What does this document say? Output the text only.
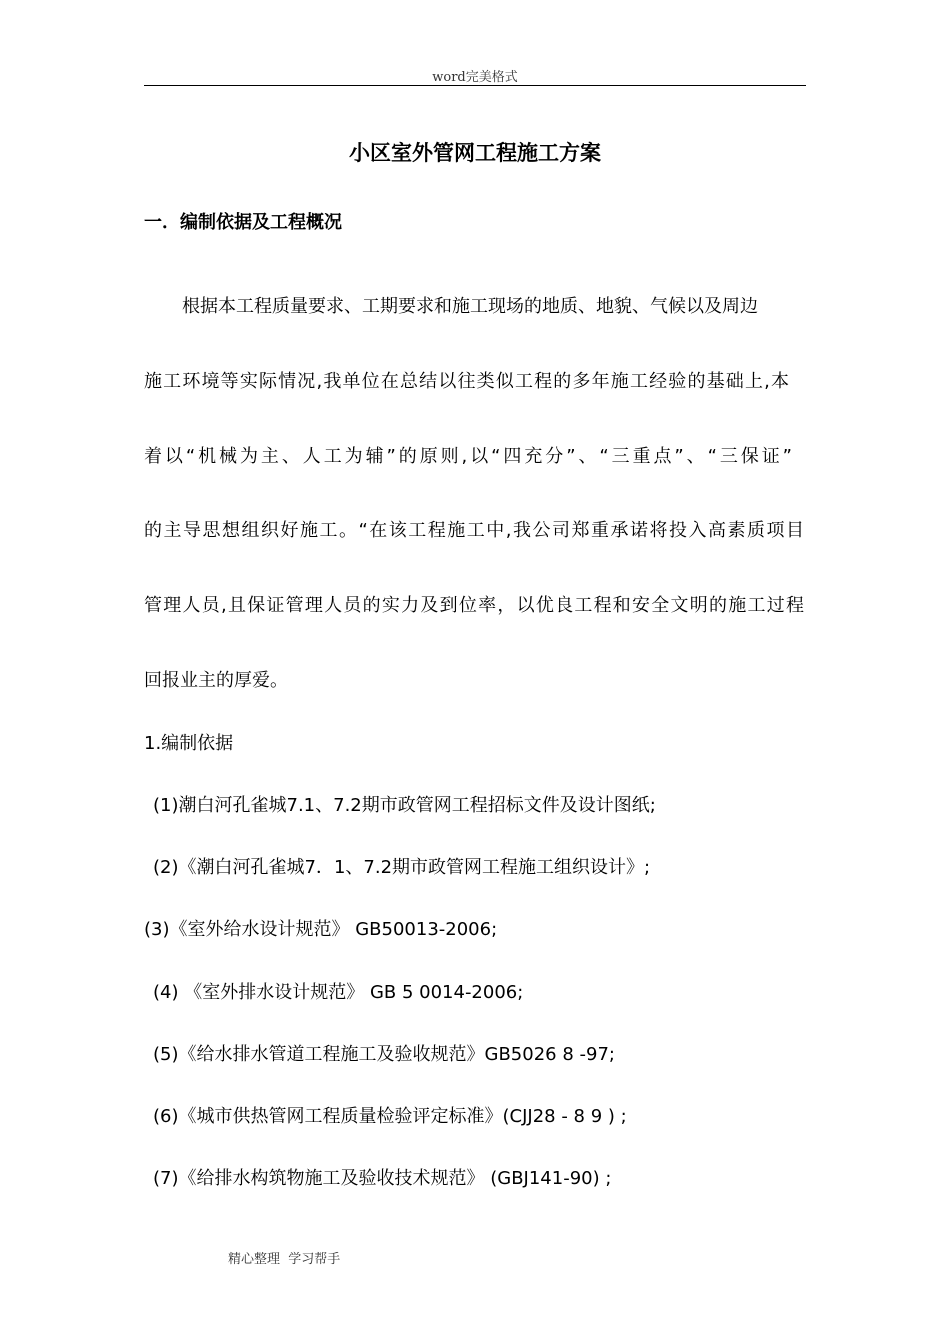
word完美格式
小区室外管网工程施工方案
一．编制依据及工程概况
根据本工程质量要求、工期要求和施工现场的地质、地貌、气候以及周边
施工环境等实际情况,我单位在总结以往类似工程的多年施工经验的基础上,本
着以“机械为主、人工为辅”的原则,以“四充分”、“三重点”、“三保证”
的主导思想组织好施工。“在该工程施工中,我公司郑重承诺将投入高素质项目
管理人员,且保证管理人员的实力及到位率，以优良工程和安全文明的施工过程
回报业主的厚爱。
1.编制依据
(1)潮白河孔雀城7.1、7.2期市政管网工程招标文件及设计图纸;
(2)《潮白河孔雀城7．1、7.2期市政管网工程施工组织设计》;
(3)《室外给水设计规范》 GB50013-2006;
(4) 《室外排水设计规范》 GB 5 0014-2006;
(5)《给水排水管道工程施工及验收规范》GB5026 8 -97;
(6)《城市供热管网工程质量检验评定标准》(CJJ28 - 8 9 ) ;
(7)《给排水构筑物施工及验收技术规范》 (GBJ141-90) ;
精心整理  学习帮手
